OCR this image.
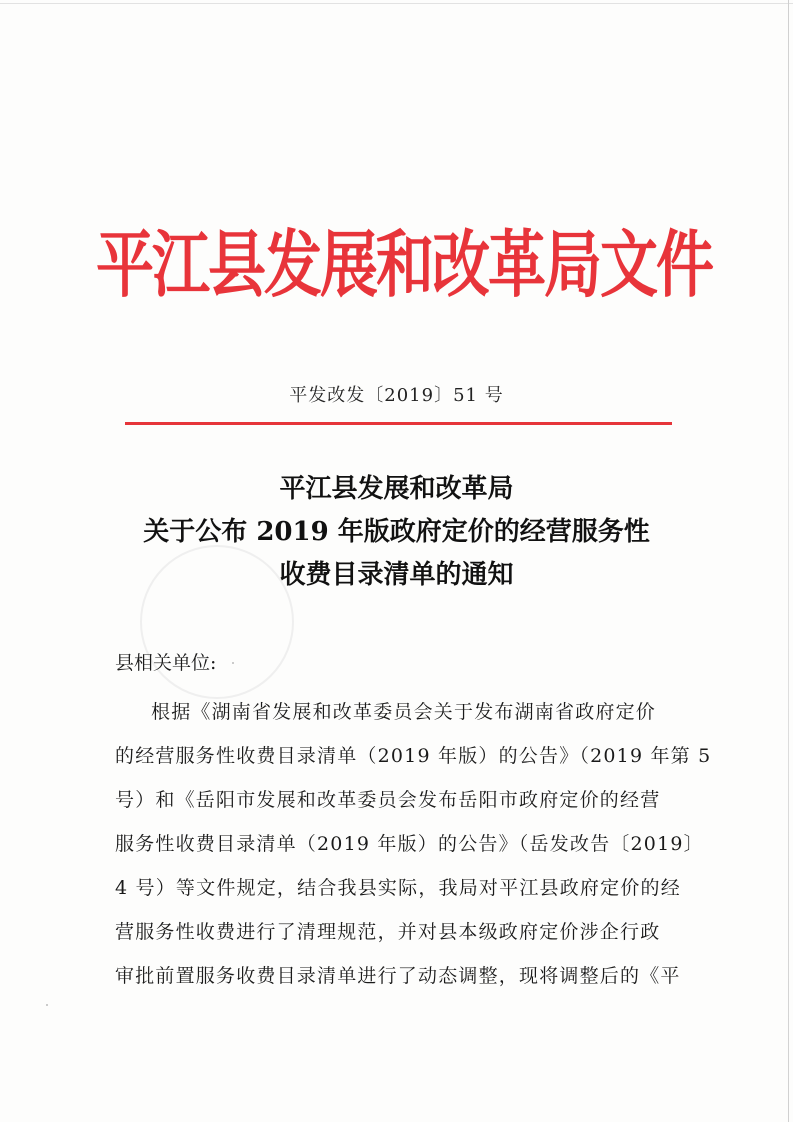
平江县发展和改革局文件
平发改发〔2019〕51 号
平江县发展和改革局
关于公布 2019 年版政府定价的经营服务性
收费目录清单的通知
县相关单位:
根据《湖南省发展和改革委员会关于发布湖南省政府定价
的经营服务性收费目录清单（2019 年版）的公告》（2019 年第 5
号）和《岳阳市发展和改革委员会发布岳阳市政府定价的经营
服务性收费目录清单（2019 年版）的公告》（岳发改告〔2019〕
4 号）等文件规定，结合我县实际，我局对平江县政府定价的经
营服务性收费进行了清理规范，并对县本级政府定价涉企行政
审批前置服务收费目录清单进行了动态调整，现将调整后的《平
